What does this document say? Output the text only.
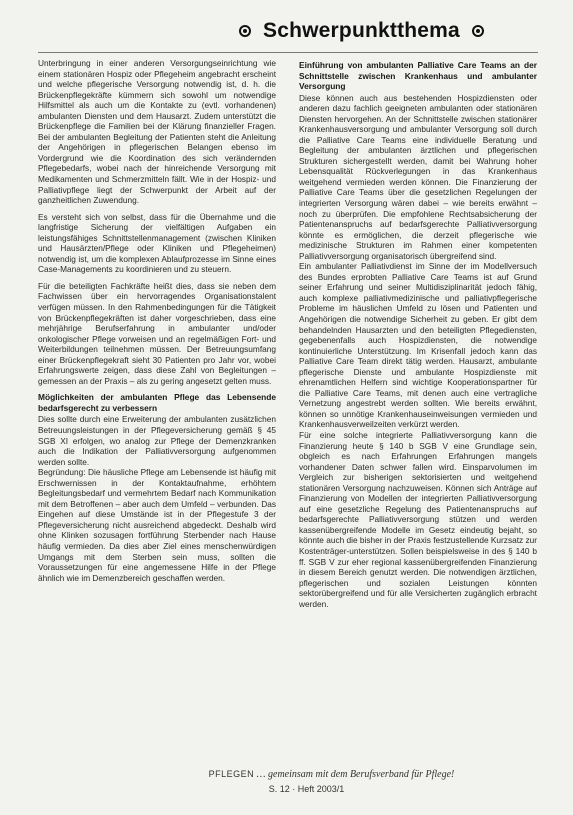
Schwerpunktthema

Unterbringung in einer anderen Versorgungseinrichtung wie einem stationären Hospiz oder Pflegeheim angebracht erscheint und welche pflegerische Versorgung notwendig ist, d. h. die Brückenpflegekräfte kümmern sich sowohl um notwendige Hilfsmittel als auch um die Kontakte zu (evtl. vorhandenen) ambulanten Diensten und dem Hausarzt. Zudem unterstützt die Brückenpflege die Familien bei der Klärung finanzieller Fragen. Bei der ambulanten Begleitung der Patienten steht die Anleitung der Angehörigen in pflegerischen Belangen ebenso im Vordergrund wie die Koordination des sich verändernden Pflegebedarfs, wobei nach der hinreichende Versorgung mit Medikamenten und Schmerzmitteln fällt. Wie in der Hospiz- und Palliativpflege liegt der Schwerpunkt der Arbeit auf der ganzheitlichen Zuwendung.

Es versteht sich von selbst, dass für die Übernahme und die langfristige Sicherung der vielfältigen Aufgaben ein leistungsfähiges Schnittstellenmanagement (zwischen Kliniken und Hausärzten/Pflege oder Kliniken und Pflegeheimen) notwendig ist, um die komplexen Ablaufprozesse im Sinne eines Case-Managements zu koordinieren und zu steuern.

Für die beteiligten Fachkräfte heißt dies, dass sie neben dem Fachwissen über ein hervorragendes Organisationstalent verfügen müssen. In den Rahmenbedingungen für die Tätigkeit von Brückenpflegekräften ist daher vorgeschrieben, dass eine mehrjährige Berufserfahrung in ambulanter und/oder onkologischer Pflege vorweisen und an regelmäßigen Fort- und Weiterbildungen teilnehmen müssen. Der Betreuungsumfang einer Brückenpflegekraft sieht 30 Patienten pro Jahr vor, wobei Erfahrungswerte zeigen, dass diese Zahl von Begleitungen – gemessen an der Praxis – als zu gering angesetzt gelten muss.

Möglichkeiten der ambulanten Pflege das Lebensende bedarfsgerecht zu verbessern

Dies sollte durch eine Erweiterung der ambulanten zusätzlichen Betreuungsleistungen in der Pflegeversicherung gemäß § 45 SGB XI erfolgen, wo analog zur Pflege der Demenzkranken auch die Indikation der Palliativversorgung aufgenommen werden sollte.

Begründung: Die häusliche Pflege am Lebensende ist häufig mit Erschwernissen in der Kontaktaufnahme, erhöhtem Begleitungsbedarf und vermehrtem Bedarf nach Kommunikation mit dem Betroffenen – aber auch dem Umfeld – verbunden. Das Eingehen auf diese Umstände ist in der Pflegestufe 3 der Pflegeversicherung nicht ausreichend abgedeckt. Deshalb wird ohne Klinken sozusagen fortführung Sterbender nach Hause häufig vermieden. Da dies aber Ziel eines menschenwürdigen Umgangs mit dem Sterben sein muss, sollten die Voraussetzungen für eine angemessene Hilfe in der Pflege ähnlich wie im Demenzbereich geschaffen werden.

Einführung von ambulanten Palliative Care Teams an der Schnittstelle zwischen Krankenhaus und ambulanter Versorgung

Diese können auch aus bestehenden Hospizdiensten oder anderen dazu fachlich geeigneten ambulanten oder stationären Diensten hervorgehen. An der Schnittstelle zwischen stationärer Krankenhausversorgung und ambulanter Versorgung soll durch die Palliative Care Teams eine individuelle Beratung und Begleitung der ambulanten ärztlichen und pflegerischen Strukturen sichergestellt werden, damit bei Wahrung hoher Lebensqualität Rückverlegungen in das Krankenhaus weitgehend vermieden werden können. Die Finanzierung der Palliative Care Teams über die gesetzlichen Regelungen der integrierten Versorgung wären dabei – wie bereits erwähnt – noch zu überprüfen. Die empfohlene Rechtsabsicherung der Patientenanspruchs auf bedarfsgerechte Palliativversorgung könnte es ermöglichen, die derzeit pflegerische wie medizinische Strukturen im Rahmen einer kompetenten Palliativversorgung organisatorisch übergreifend sind.

Ein ambulanter Palliativdienst im Sinne der im Modellversuch des Bundes erprobten Palliative Care Teams ist auf Grund seiner Erfahrung und seiner Multidisziplinarität jedoch fähig, auch komplexe palliativmedizinische und palliativpflegerische Probleme im häuslichen Umfeld zu lösen und Patienten und Angehörigen die notwendige Sicherheit zu geben. Er gibt dem behandelnden Hausarzten und den beteiligten Pflegediensten, gegebenenfalls auch Hospizdiensten, die notwendige kontinuierliche Unterstützung. Im Krisenfall jedoch kann das Palliative Care Team direkt tätig werden. Hausarzt, ambulante pflegerische Dienste und ambulante Hospizdienste mit ehrenamtlichen Helfern sind wichtige Kooperationspartner für die Palliative Care Teams, mit denen auch eine vertragliche Vernetzung angestrebt werden sollten. Wie bereits erwähnt, können so unnötige Krankenhauseinweisungen vermieden und Krankenhausverweilzeiten verkürzt werden.

Für eine solche integrierte Palliativversorgung kann die Finanzierung heute § 140 b SGB V eine Grundlage sein, obgleich es nach Erfahrungen Erfahrungen mangels vorhandener Daten schwer fallen wird. Einsparvolumen im Vergleich zur bisherigen sektorisierten und weitgehend stationären Versorgung nachzuweisen. Können sich Anträge auf Finanzierung von Modellen der integrierten Palliativversorgung auf eine gesetzliche Regelung des Patientenanspruchs auf bedarfsgerechte Palliativversorgung stützen und werden kassenübergreifende Modelle im Gesetz eindeutig bejaht, so könnte auch die bisher in der Praxis festzustellende Kurzsatz zur Kostenträger-unterstützen. Sollen beispielsweise in des § 140 b ff. SGB V zur eher regional kassenübergreifenden Finanzierung in diesem Bereich genutzt werden. Die notwendigen ärztlichen, pflegerischen und sozialen Leistungen könnten sektorübergreifend und für alle Versicherten zugänglich erbracht werden.

PFLEGEN … gemeinsam mit dem Berufsverband für Pflege!
S. 12 · Heft 2003/1
